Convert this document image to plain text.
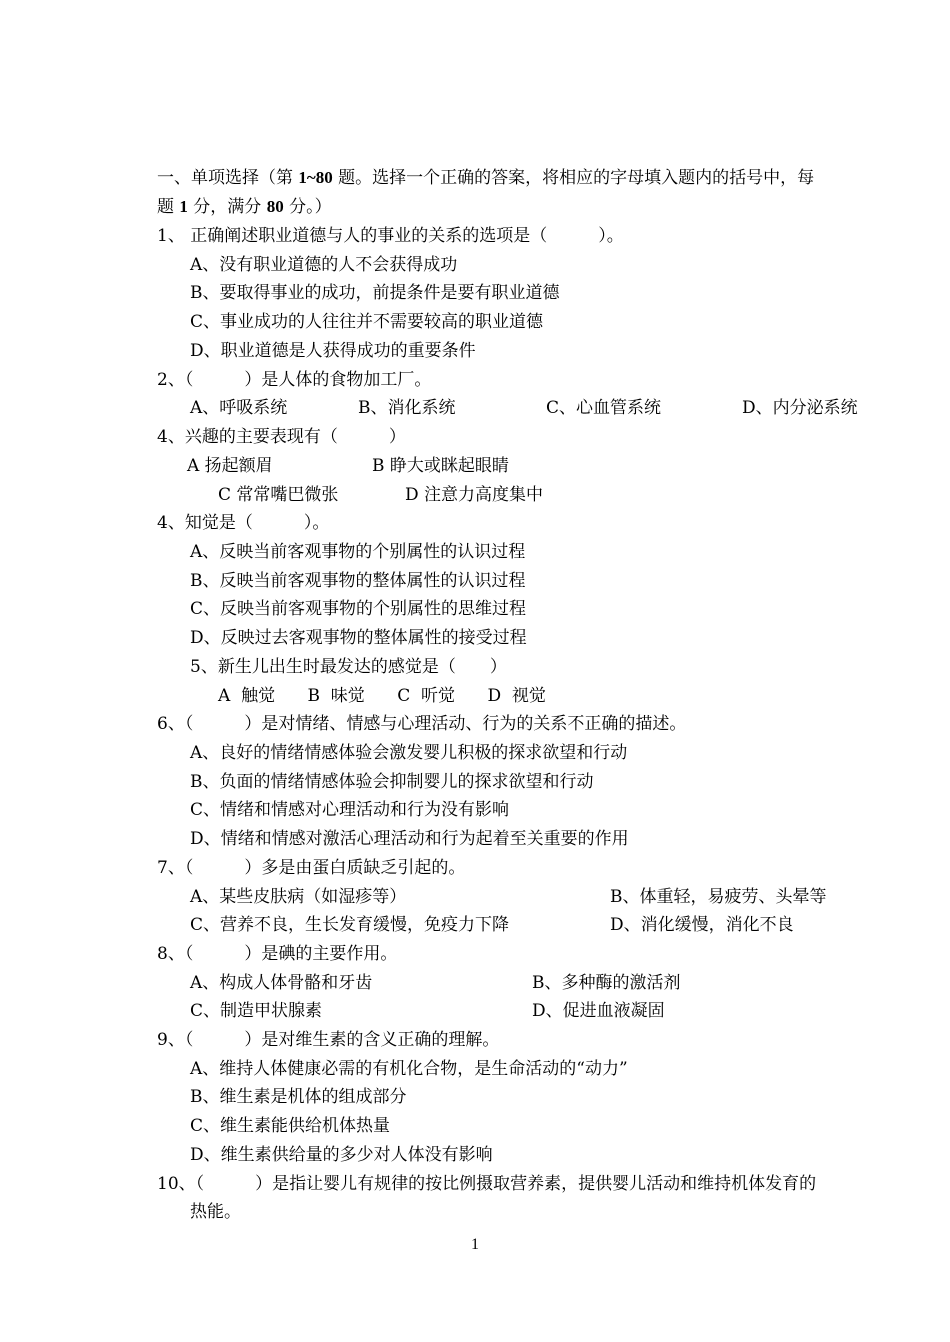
一、单项选择（第 1~80 题。选择一个正确的答案，将相应的字母填入题内的括号中，每
题 1 分，满分 80 分。）
1、 正确阐述职业道德与人的事业的关系的选项是（　　　）。
A、没有职业道德的人不会获得成功
B、要取得事业的成功，前提条件是要有职业道德
C、事业成功的人往往并不需要较高的职业道德
D、职业道德是人获得成功的重要条件
2、（　　　）是人体的食物加工厂。
A、呼吸系统	B、消化系统	C、心血管系统	D、内分泌系统
4、兴趣的主要表现有（　　　）
A 扬起额眉	B 睁大或眯起眼睛
C 常常嘴巴微张	D 注意力高度集中
4、知觉是（　　　）。
A、反映当前客观事物的个别属性的认识过程
B、反映当前客观事物的整体属性的认识过程
C、反映当前客观事物的个别属性的思维过程
D、反映过去客观事物的整体属性的接受过程
5、新生儿出生时最发达的感觉是（　　）
A  触觉      B  味觉      C  听觉      D  视觉
6、（　　　）是对情绪、情感与心理活动、行为的关系不正确的描述。
A、良好的情绪情感体验会激发婴儿积极的探求欲望和行动
B、负面的情绪情感体验会抑制婴儿的探求欲望和行动
C、情绪和情感对心理活动和行为没有影响
D、情绪和情感对激活心理活动和行为起着至关重要的作用
7、（　　　）多是由蛋白质缺乏引起的。
A、某些皮肤病（如湿疹等）	B、体重轻，易疲劳、头晕等
C、营养不良，生长发育缓慢，免疫力下降	D、消化缓慢，消化不良
8、（　　　）是碘的主要作用。
A、构成人体骨骼和牙齿	B、多种酶的激活剂
C、制造甲状腺素	D、促进血液凝固
9、（　　　）是对维生素的含义正确的理解。
A、维持人体健康必需的有机化合物，是生命活动的“动力”
B、维生素是机体的组成部分
C、维生素能供给机体热量
D、维生素供给量的多少对人体没有影响
10、（　　　）是指让婴儿有规律的按比例摄取营养素，提供婴儿活动和维持机体发育的
热能。
1
